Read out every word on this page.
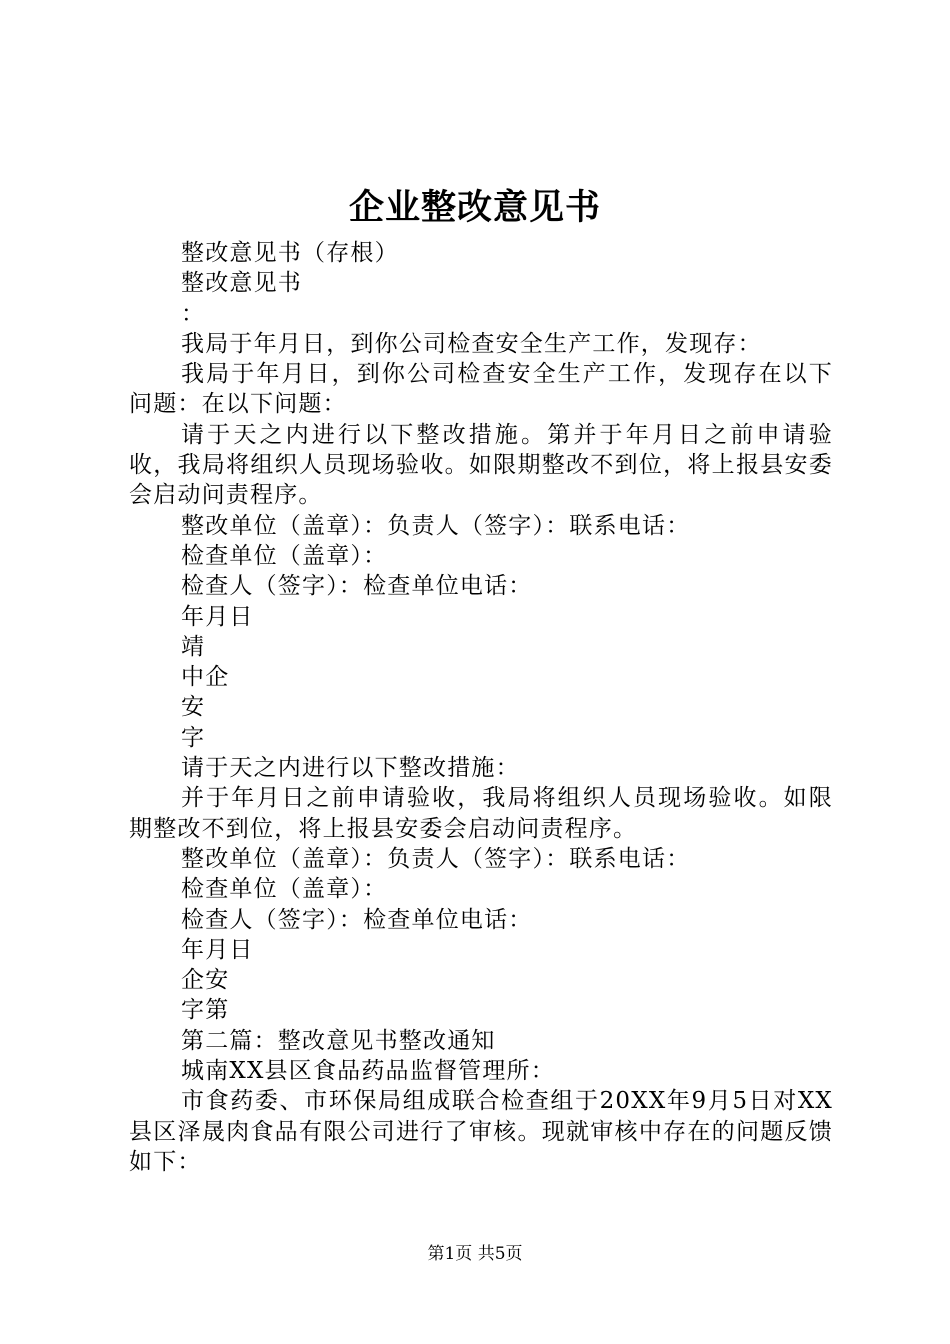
企业整改意见书

整改意见书（存根）

整改意见书

：

我局于年月日，到你公司检查安全生产工作，发现存：

我局于年月日，到你公司检查安全生产工作，发现存在以下问题：在以下问题：

请于天之内进行以下整改措施。第并于年月日之前申请验收，我局将组织人员现场验收。如限期整改不到位，将上报县安委会启动问责程序。

整改单位（盖章）：负责人（签字）：联系电话：

检查单位（盖章）：

检查人（签字）：检查单位电话：

年月日

靖

中企

安

字

请于天之内进行以下整改措施：

并于年月日之前申请验收，我局将组织人员现场验收。如限期整改不到位，将上报县安委会启动问责程序。

整改单位（盖章）：负责人（签字）：联系电话：

检查单位（盖章）：

检查人（签字）：检查单位电话：

年月日

企安

字第

第二篇：整改意见书整改通知

城南XX县区食品药品监督管理所：

市食药委、市环保局组成联合检查组于20XX年9月5日对XX县区泽晟肉食品有限公司进行了审核。现就审核中存在的问题反馈如下：

第1页 共5页
